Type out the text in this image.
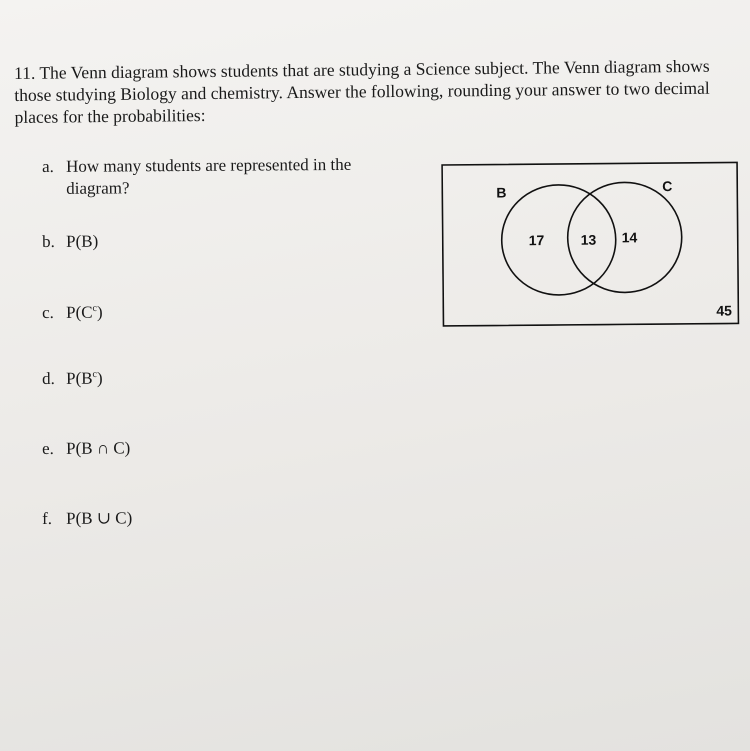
11. The Venn diagram shows students that are studying a Science subject. The Venn diagram shows those studying Biology and chemistry. Answer the following, rounding your answer to two decimal places for the probabilities:
a. How many students are represented in the
diagram?
b. P(B)
c. $P(C^c)$
d. $P(B^c)$
e. P(B ∩ C)
f. P(B ∪ C)
B	C
17	13 14
45
